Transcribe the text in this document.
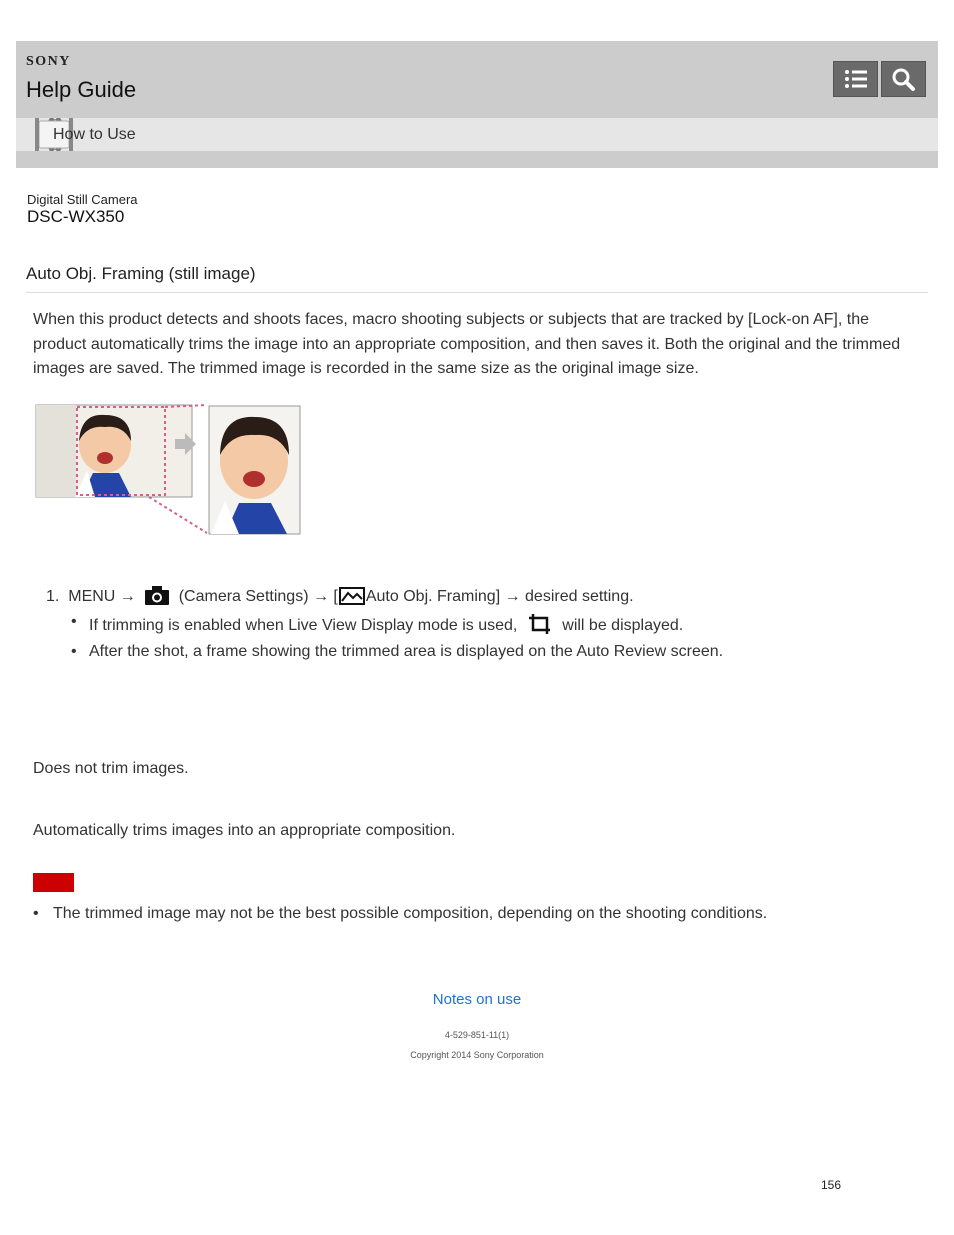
SONY
Help Guide
How to Use
Digital Still Camera
DSC-WX350
Auto Obj. Framing (still image)
When this product detects and shoots faces, macro shooting subjects or subjects that are tracked by [Lock-on AF], the product automatically trims the image into an appropriate composition, and then saves it. Both the original and the trimmed images are saved. The trimmed image is recorded in the same size as the original image size.
1. MENU →	(Camera Settings) → [ Auto Obj. Framing] → desired setting.
• If trimming is enabled when Live View Display mode is used,	will be displayed.
• After the shot, a frame showing the trimmed area is displayed on the Auto Review screen.
Does not trim images.
Automatically trims images into an appropriate composition.
• The trimmed image may not be the best possible composition, depending on the shooting conditions.
Notes on use
4-529-851-11(1)
Copyright 2014 Sony Corporation
156
